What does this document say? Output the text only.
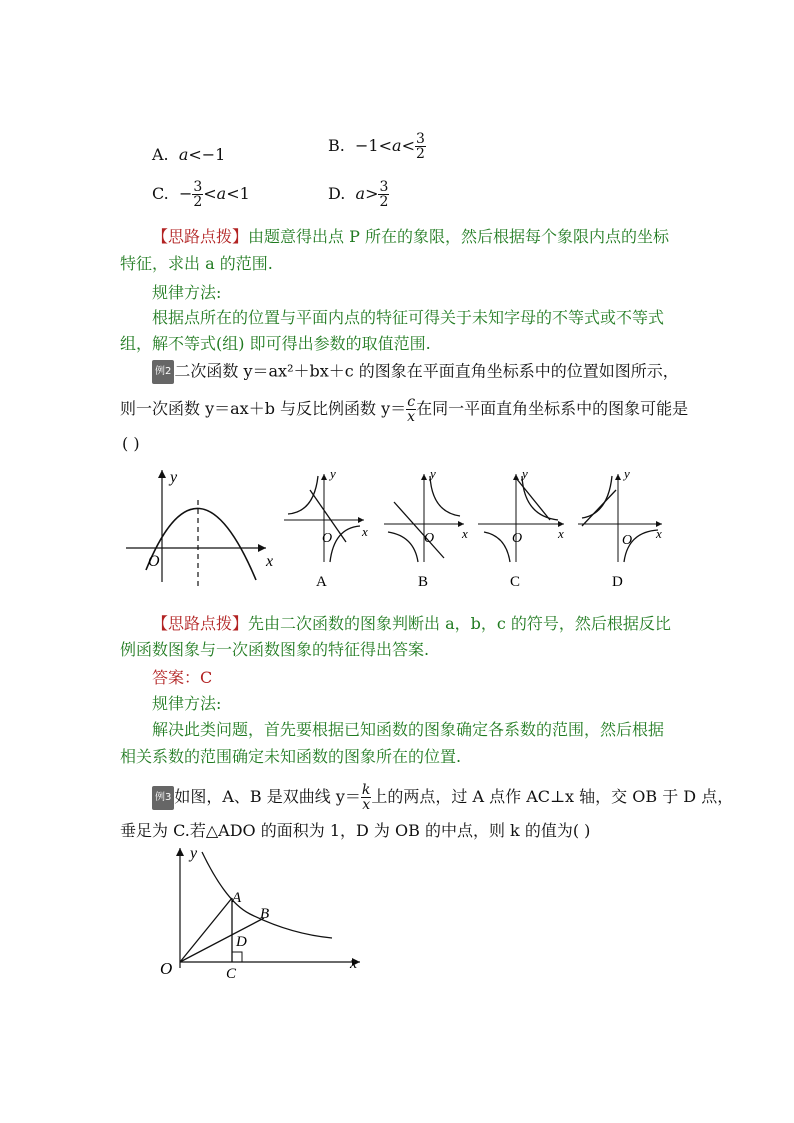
A. a<−1	B. $-1<a< \frac{3}{2}$
C. − $\frac{3}{2} <a<1$	D. $a> \frac{3}{2}$
【思路点拨】由题意得出点 P 所在的象限，然后根据每个象限内点的坐标
特征，求出 a 的范围.
规律方法:
根据点所在的位置与平面内点的特征可得关于未知字母的不等式或不等式
组，解不等式(组) 即可得出参数的取值范围.
例2 二次函数 y＝ax²＋bx＋c 的图象在平面直角坐标系中的位置如图所示，
则一次函数 y＝ax＋b 与反比例函数 $y= \frac{c}{x}$ 在同一平面直角坐标系中的图象可能是
( )
y
x
O
y
x
O
A
y
x
O
B
y
x
O
C
y
x
O
D
【思路点拨】先由二次函数的图象判断出 a，b，c 的符号，然后根据反比
例函数图象与一次函数图象的特征得出答案.
答案：C
规律方法:
解决此类问题，首先要根据已知函数的图象确定各系数的范围，然后根据
相关系数的范围确定未知函数的图象所在的位置.
例3 如图，A、B 是双曲线 $y= \frac{k}{x}$ 上的两点，过 A 点作 AC⊥x 轴，交 OB 于 D 点，
垂足为 C.若△ADO 的面积为 1，D 为 OB 的中点，则 k 的值为( )
y
x
O
A
B
C
D
